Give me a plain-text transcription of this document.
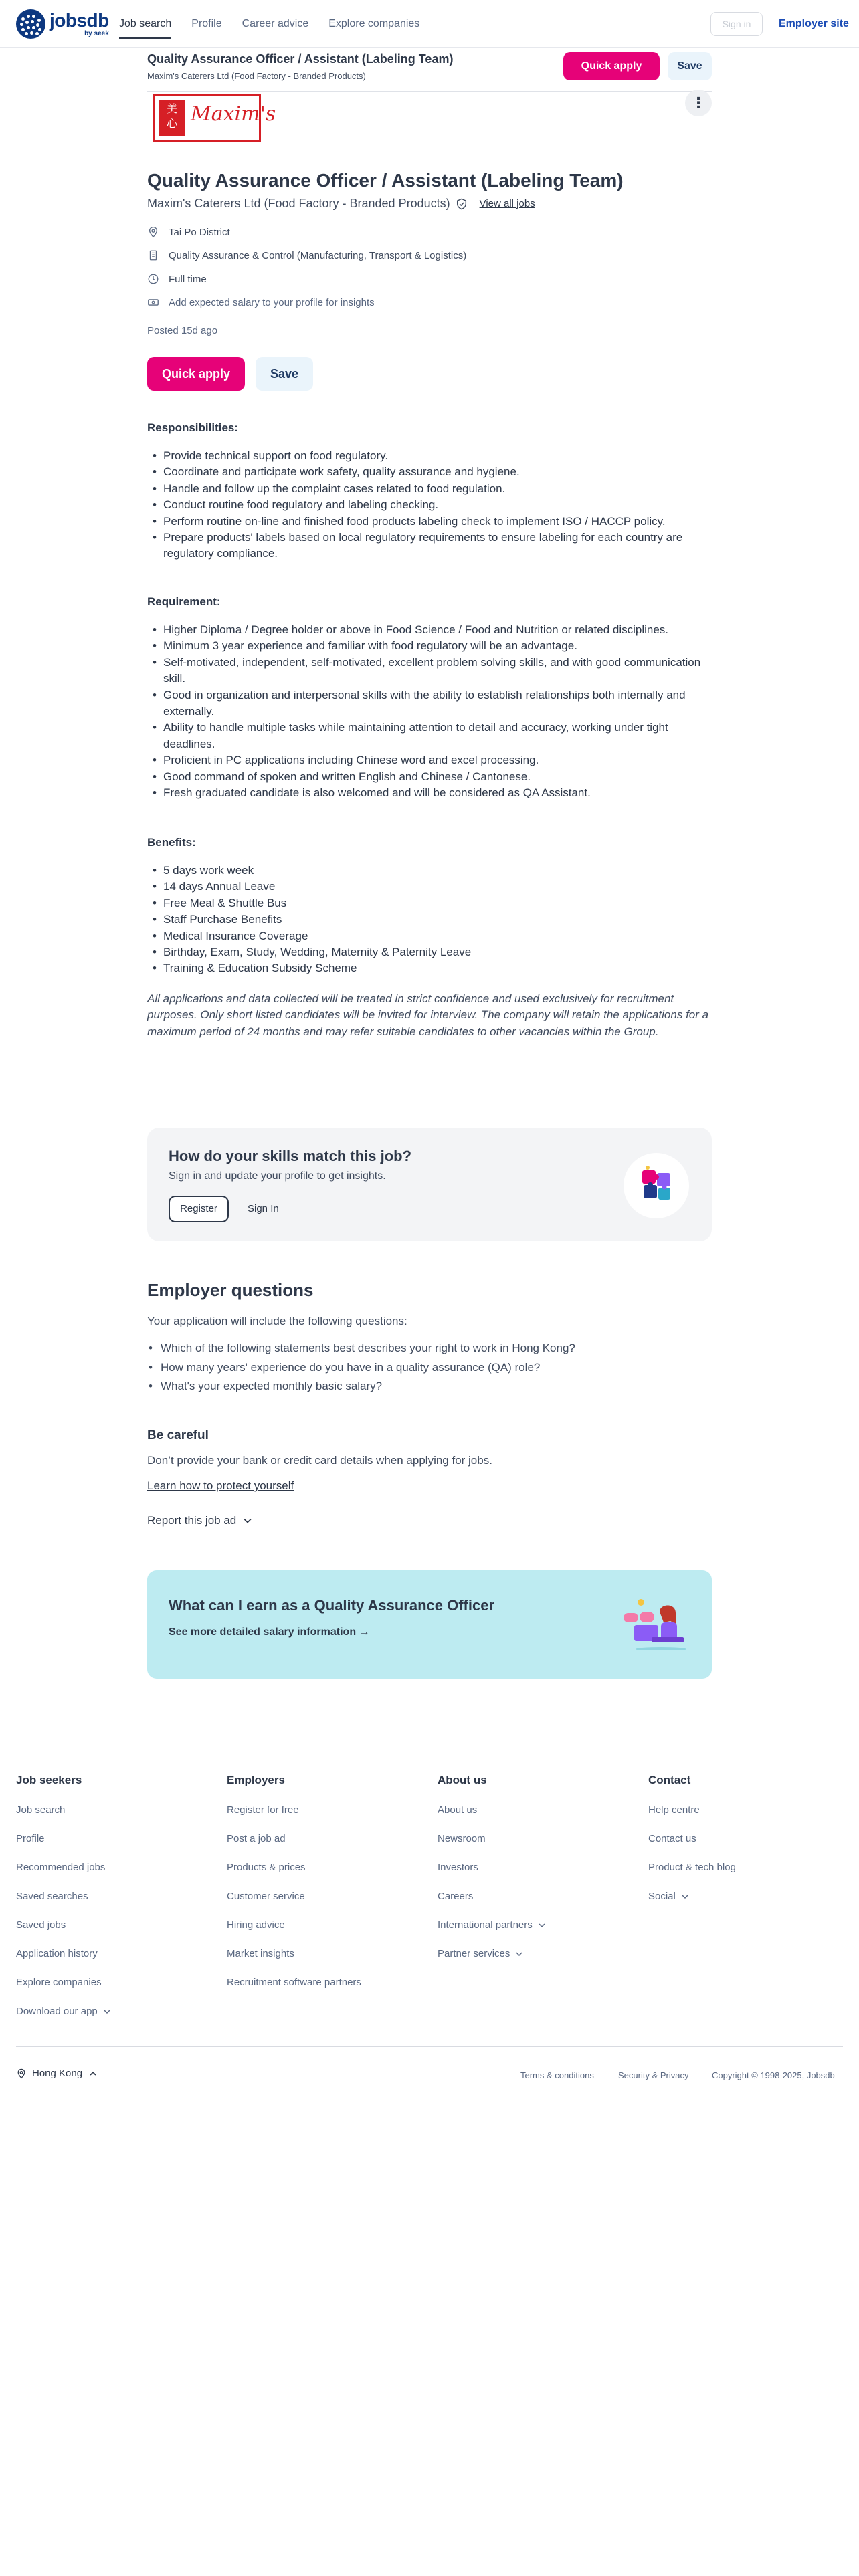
jobsdb
by seek
Job search Profile Career advice Explore companies	Sign in	Employer site
Quality Assurance Officer / Assistant (Labeling Team)
Maxim's Caterers Ltd (Food Factory - Branded Products)
Quick apply	Save
美
心 Maxim's	⋮
Quality Assurance Officer / Assistant (Labeling Team)
Maxim's Caterers Ltd (Food Factory - Branded Products)	View all jobs
Tai Po District
Quality Assurance & Control (Manufacturing, Transport & Logistics)
Full time
Add expected salary to your profile for insights
Posted 15d ago
Quick apply	Save
Responsibilities:
• Provide technical support on food regulatory.
• Coordinate and participate work safety, quality assurance and hygiene.
• Handle and follow up the complaint cases related to food regulation.
• Conduct routine food regulatory and labeling checking.
• Perform routine on-line and finished food products labeling check to implement ISO / HACCP policy.
• Prepare products' labels based on local regulatory requirements to ensure labeling for each country are regulatory compliance.
Requirement:
• Higher Diploma / Degree holder or above in Food Science / Food and Nutrition or related disciplines.
• Minimum 3 year experience and familiar with food regulatory will be an advantage.
• Self-motivated, independent, self-motivated, excellent problem solving skills, and with good communication skill.
• Good in organization and interpersonal skills with the ability to establish relationships both internally and externally.
• Ability to handle multiple tasks while maintaining attention to detail and accuracy, working under tight deadlines.
• Proficient in PC applications including Chinese word and excel processing.
• Good command of spoken and written English and Chinese / Cantonese.
• Fresh graduated candidate is also welcomed and will be considered as QA Assistant.
Benefits:
• 5 days work week
• 14 days Annual Leave
• Free Meal & Shuttle Bus
• Staff Purchase Benefits
• Medical Insurance Coverage
• Birthday, Exam, Study, Wedding, Maternity & Paternity Leave
• Training & Education Subsidy Scheme
All applications and data collected will be treated in strict confidence and used exclusively for recruitment purposes. Only short listed candidates will be invited for interview. The company will retain the applications for a maximum period of 24 months and may refer suitable candidates to other vacancies within the Group.
How do your skills match this job?
Sign in and update your profile to get insights.
Register	Sign In
Employer questions
Your application will include the following questions:
• Which of the following statements best describes your right to work in Hong Kong?
• How many years' experience do you have in a quality assurance (QA) role?
• What's your expected monthly basic salary?
Be careful
Don’t provide your bank or credit card details when applying for jobs.
Learn how to protect yourself
Report this job ad
What can I earn as a Quality Assurance Officer
See more detailed salary information →
Job seekers
Job search
Profile
Recommended jobs
Saved searches
Saved jobs
Application history
Explore companies
Download our app
Employers
Register for free
Post a job ad
Products & prices
Customer service
Hiring advice
Market insights
Recruitment software partners
About us
About us
Newsroom
Investors
Careers
International partners
Partner services
Contact
Help centre
Contact us
Product & tech blog
Social
Hong Kong	Terms & conditions	Security & Privacy	Copyright © 1998-2025, Jobsdb
